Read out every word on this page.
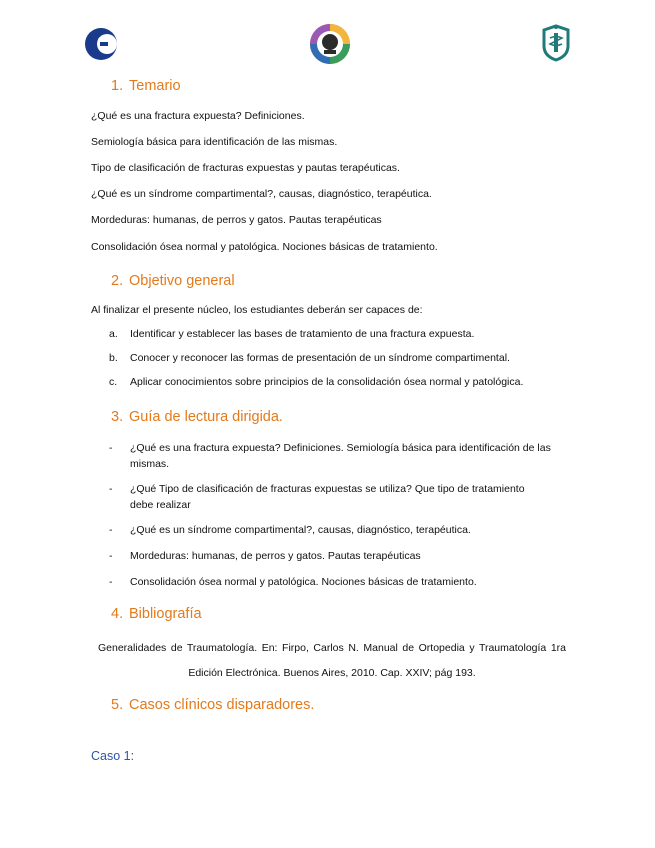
1. Temario

¿Qué es una fractura expuesta? Definiciones.

Semiología básica para identificación de las mismas.

Tipo de clasificación de fracturas expuestas y pautas terapéuticas.

¿Qué es un síndrome compartimental?, causas, diagnóstico, terapéutica.

Mordeduras: humanas, de perros y gatos. Pautas terapéuticas

Consolidación ósea normal y patológica. Nociones básicas de tratamiento.

2. Objetivo general

Al finalizar el presente núcleo, los estudiantes deberán ser capaces de:

a. Identificar y establecer las bases de tratamiento de una fractura expuesta.

b. Conocer y reconocer las formas de presentación de un síndrome compartimental.

c. Aplicar conocimientos sobre principios de la consolidación ósea normal y patológica.

3. Guía de lectura dirigida.

- ¿Qué es una fractura expuesta? Definiciones. Semiología básica para identificación de las mismas.

- ¿Qué Tipo de clasificación de fracturas expuestas se utiliza? Que tipo de tratamiento debe realizar

- ¿Qué es un síndrome compartimental?, causas, diagnóstico, terapéutica.

- Mordeduras: humanas, de perros y gatos. Pautas terapéuticas

- Consolidación ósea normal y patológica. Nociones básicas de tratamiento.

4. Bibliografía

Generalidades de Traumatología. En: Firpo, Carlos N. Manual de Ortopedia y Traumatología 1ra Edición Electrónica. Buenos Aires, 2010. Cap. XXIV; pág 193.

5. Casos clínicos disparadores.

Caso 1:
